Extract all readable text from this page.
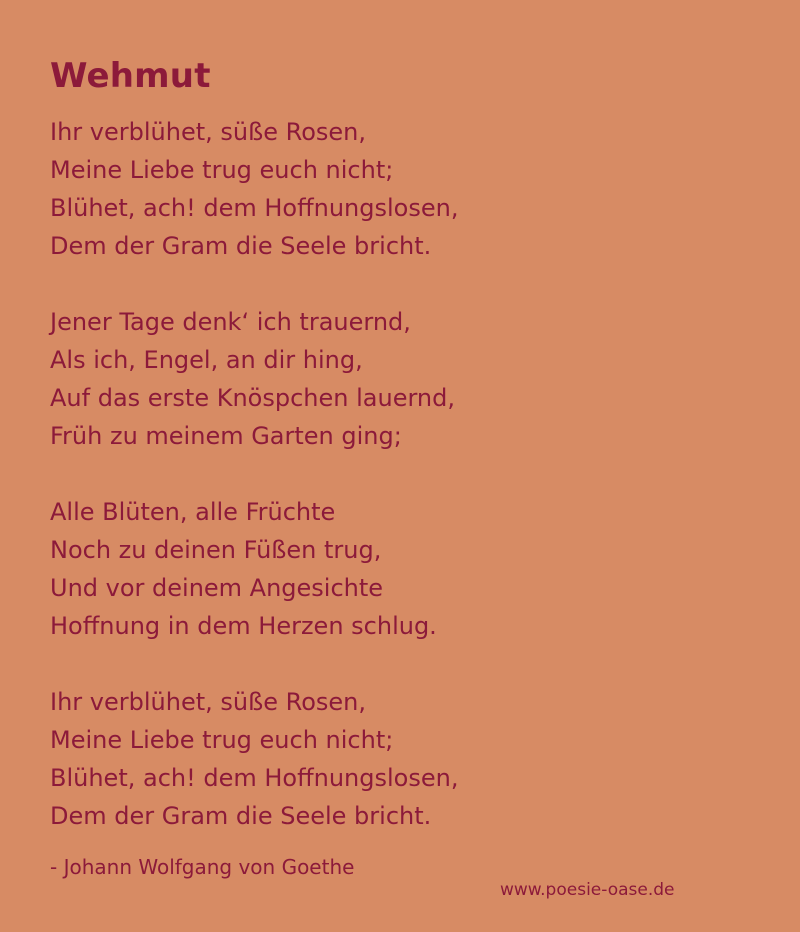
Wehmut
Ihr verblühet, süße Rosen,
Meine Liebe trug euch nicht;
Blühet, ach! dem Hoffnungslosen,
Dem der Gram die Seele bricht.
Jener Tage denk‘ ich trauernd,
Als ich, Engel, an dir hing,
Auf das erste Knöspchen lauernd,
Früh zu meinem Garten ging;
Alle Blüten, alle Früchte
Noch zu deinen Füßen trug,
Und vor deinem Angesichte
Hoffnung in dem Herzen schlug.
Ihr verblühet, süße Rosen,
Meine Liebe trug euch nicht;
Blühet, ach! dem Hoffnungslosen,
Dem der Gram die Seele bricht.
- Johann Wolfgang von Goethe
www.poesie-oase.de
